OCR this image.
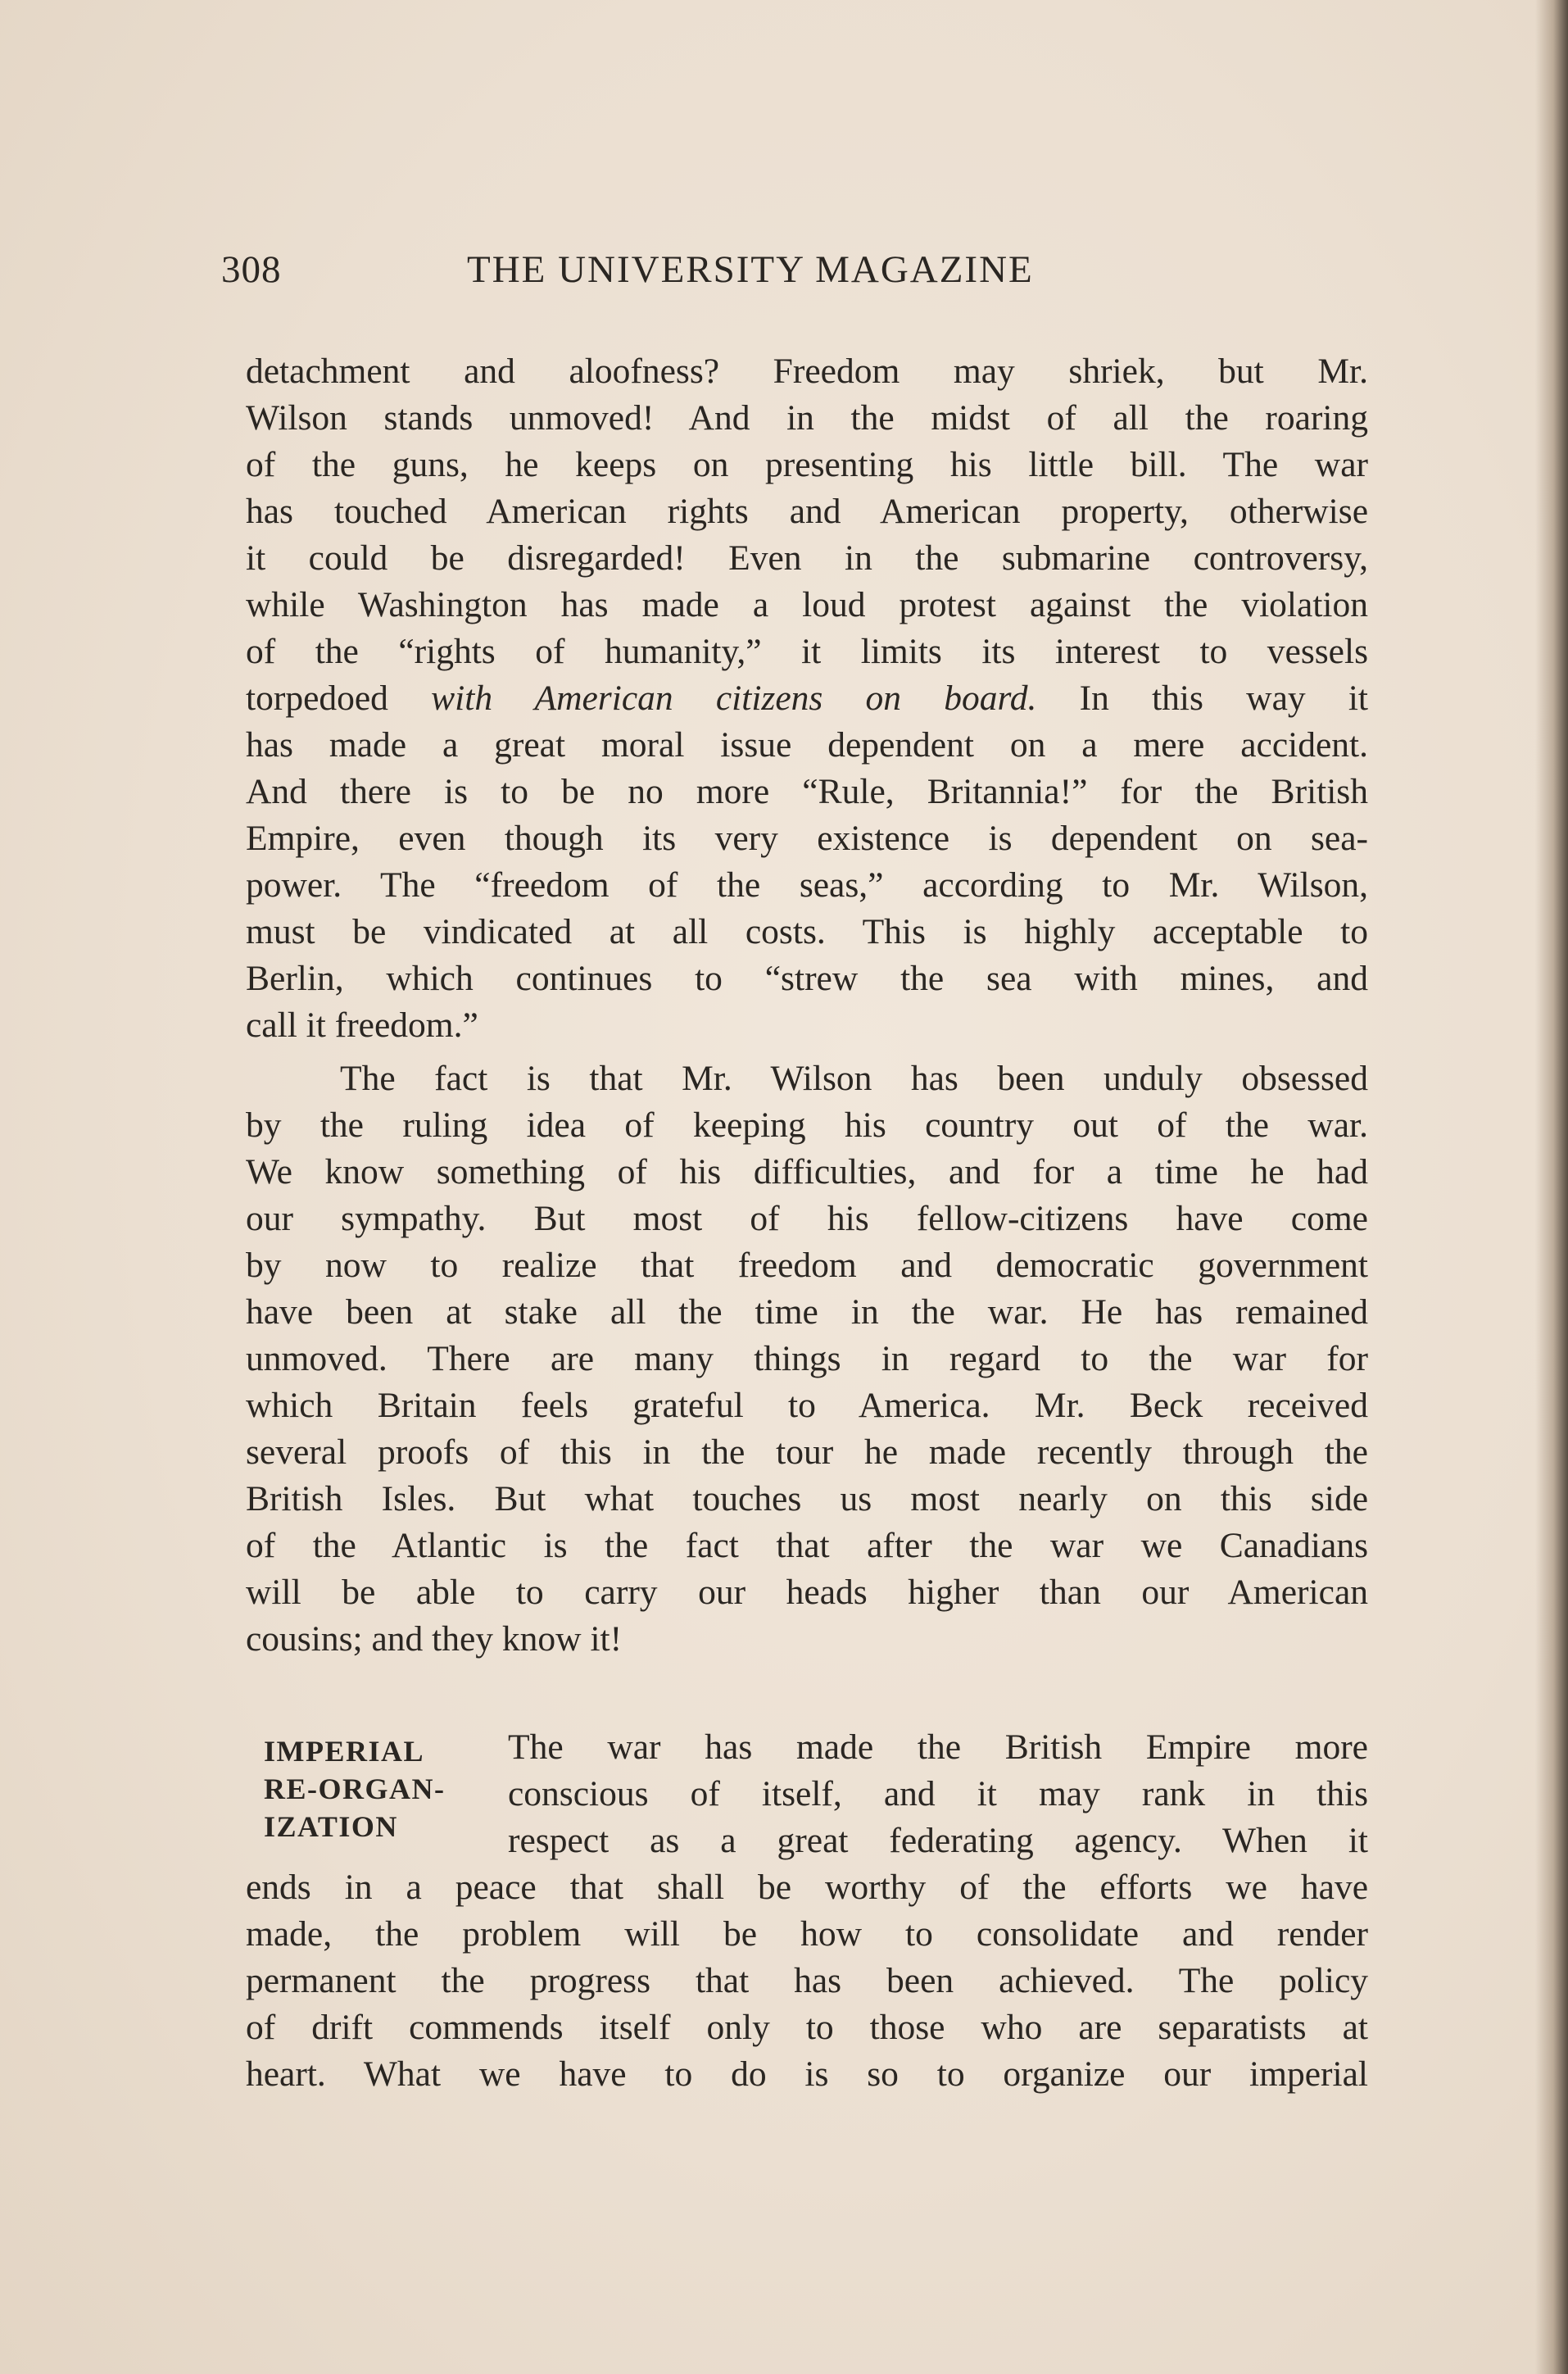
308	THE UNIVERSITY MAGAZINE
detachment and aloofness? Freedom may shriek, but Mr.
Wilson stands unmoved! And in the midst of all the roaring
of the guns, he keeps on presenting his little bill. The war
has touched American rights and American property, otherwise
it could be disregarded! Even in the submarine controversy,
while Washington has made a loud protest against the violation
of the “rights of humanity,” it limits its interest to vessels
torpedoed with American citizens on board. In this way it
has made a great moral issue dependent on a mere accident.
And there is to be no more “Rule, Britannia!” for the British
Empire, even though its very existence is dependent on sea-
power. The “freedom of the seas,” according to Mr. Wilson,
must be vindicated at all costs. This is highly acceptable to
Berlin, which continues to “strew the sea with mines, and
call it freedom.”
The fact is that Mr. Wilson has been unduly obsessed
by the ruling idea of keeping his country out of the war.
We know something of his difficulties, and for a time he had
our sympathy. But most of his fellow-citizens have come
by now to realize that freedom and democratic government
have been at stake all the time in the war. He has remained
unmoved. There are many things in regard to the war for
which Britain feels grateful to America. Mr. Beck received
several proofs of this in the tour he made recently through the
British Isles. But what touches us most nearly on this side
of the Atlantic is the fact that after the war we Canadians
will be able to carry our heads higher than our American
cousins; and they know it!
IMPERIAL
RE-ORGAN-
IZATION
The war has made the British Empire more
conscious of itself, and it may rank in this
respect as a great federating agency. When it
ends in a peace that shall be worthy of the efforts we have
made, the problem will be how to consolidate and render
permanent the progress that has been achieved. The policy
of drift commends itself only to those who are separatists at
heart. What we have to do is so to organize our imperial
